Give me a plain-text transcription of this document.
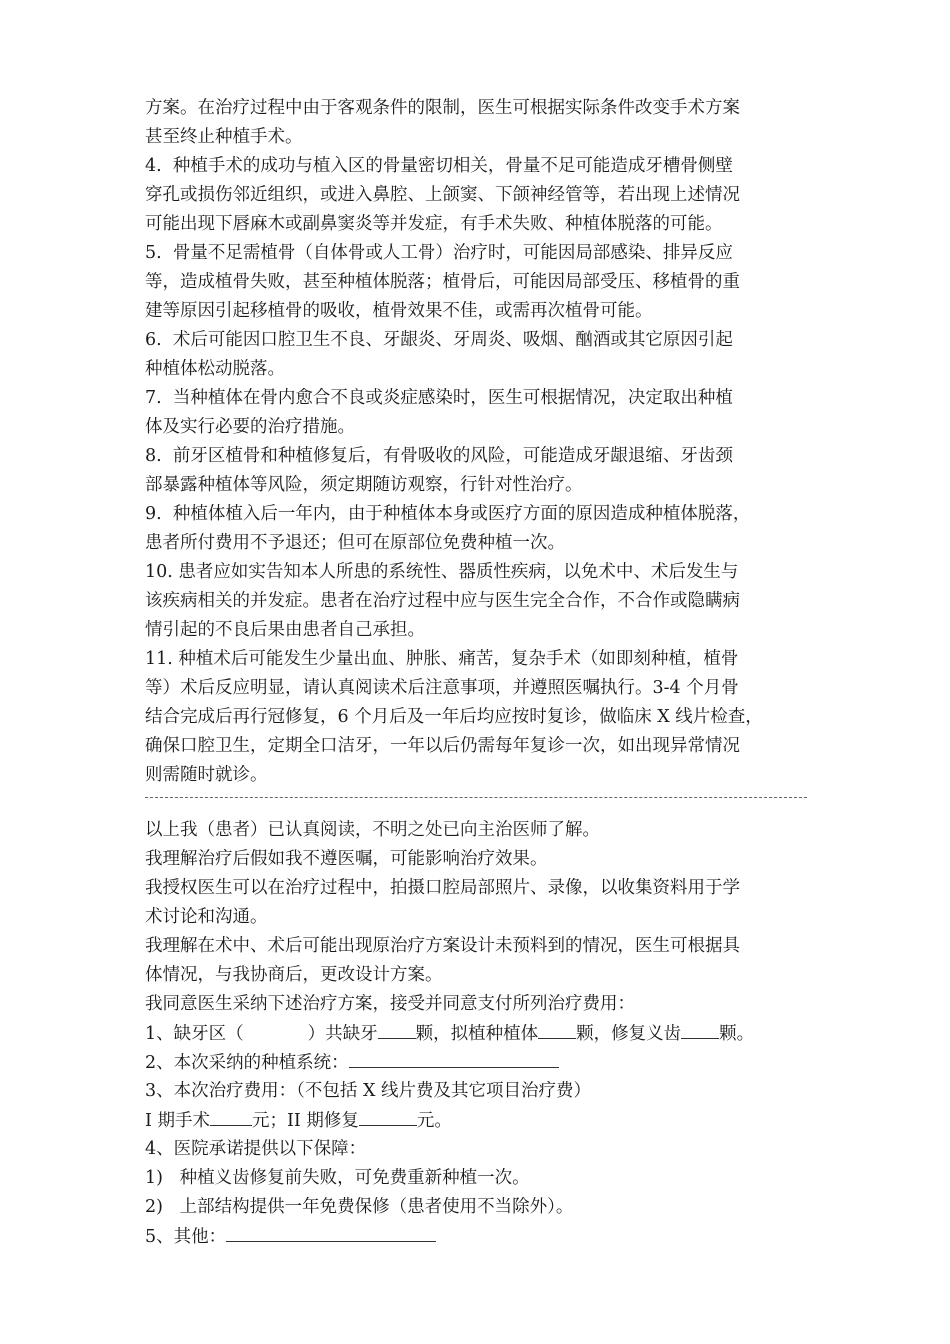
方案。在治疗过程中由于客观条件的限制，医生可根据实际条件改变手术方案
甚至终止种植手术。
4.  种植手术的成功与植入区的骨量密切相关，骨量不足可能造成牙槽骨侧壁
穿孔或损伤邻近组织，或进入鼻腔、上颌窦、下颌神经管等，若出现上述情况
可能出现下唇麻木或副鼻窦炎等并发症，有手术失败、种植体脱落的可能。
5.  骨量不足需植骨（自体骨或人工骨）治疗时，可能因局部感染、排异反应
等，造成植骨失败，甚至种植体脱落；植骨后，可能因局部受压、移植骨的重
建等原因引起移植骨的吸收，植骨效果不佳，或需再次植骨可能。
6.  术后可能因口腔卫生不良、牙龈炎、牙周炎、吸烟、酗酒或其它原因引起
种植体松动脱落。
7.  当种植体在骨内愈合不良或炎症感染时，医生可根据情况，决定取出种植
体及实行必要的治疗措施。
8.  前牙区植骨和种植修复后，有骨吸收的风险，可能造成牙龈退缩、牙齿颈
部暴露种植体等风险，须定期随访观察，行针对性治疗。
9.  种植体植入后一年内，由于种植体本身或医疗方面的原因造成种植体脱落，
患者所付费用不予退还；但可在原部位免费种植一次。
10. 患者应如实告知本人所患的系统性、器质性疾病，以免术中、术后发生与
该疾病相关的并发症。患者在治疗过程中应与医生完全合作，不合作或隐瞒病
情引起的不良后果由患者自己承担。
11. 种植术后可能发生少量出血、肿胀、痛苦，复杂手术（如即刻种植，植骨
等）术后反应明显，请认真阅读术后注意事项，并遵照医嘱执行。3-4 个月骨
结合完成后再行冠修复，6 个月后及一年后均应按时复诊，做临床 X 线片检查，
确保口腔卫生，定期全口洁牙，一年以后仍需每年复诊一次，如出现异常情况
则需随时就诊。
以上我（患者）已认真阅读，不明之处已向主治医师了解。
我理解治疗后假如我不遵医嘱，可能影响治疗效果。
我授权医生可以在治疗过程中，拍摄口腔局部照片、录像，以收集资料用于学
术讨论和沟通。
我理解在术中、术后可能出现原治疗方案设计未预料到的情况，医生可根据具
体情况，与我协商后，更改设计方案。
我同意医生采纳下述治疗方案，接受并同意支付所列治疗费用：
1、缺牙区（	）共缺牙 颗，拟植种植体 颗，修复义齿 颗。
2、本次采纳的种植系统：
3、本次治疗费用：（不包括 X 线片费及其它项目治疗费）
I 期手术 元；II 期修复	元。
4、医院承诺提供以下保障：
1)   种植义齿修复前失败，可免费重新种植一次。
2)   上部结构提供一年免费保修（患者使用不当除外）。
5、其他：
